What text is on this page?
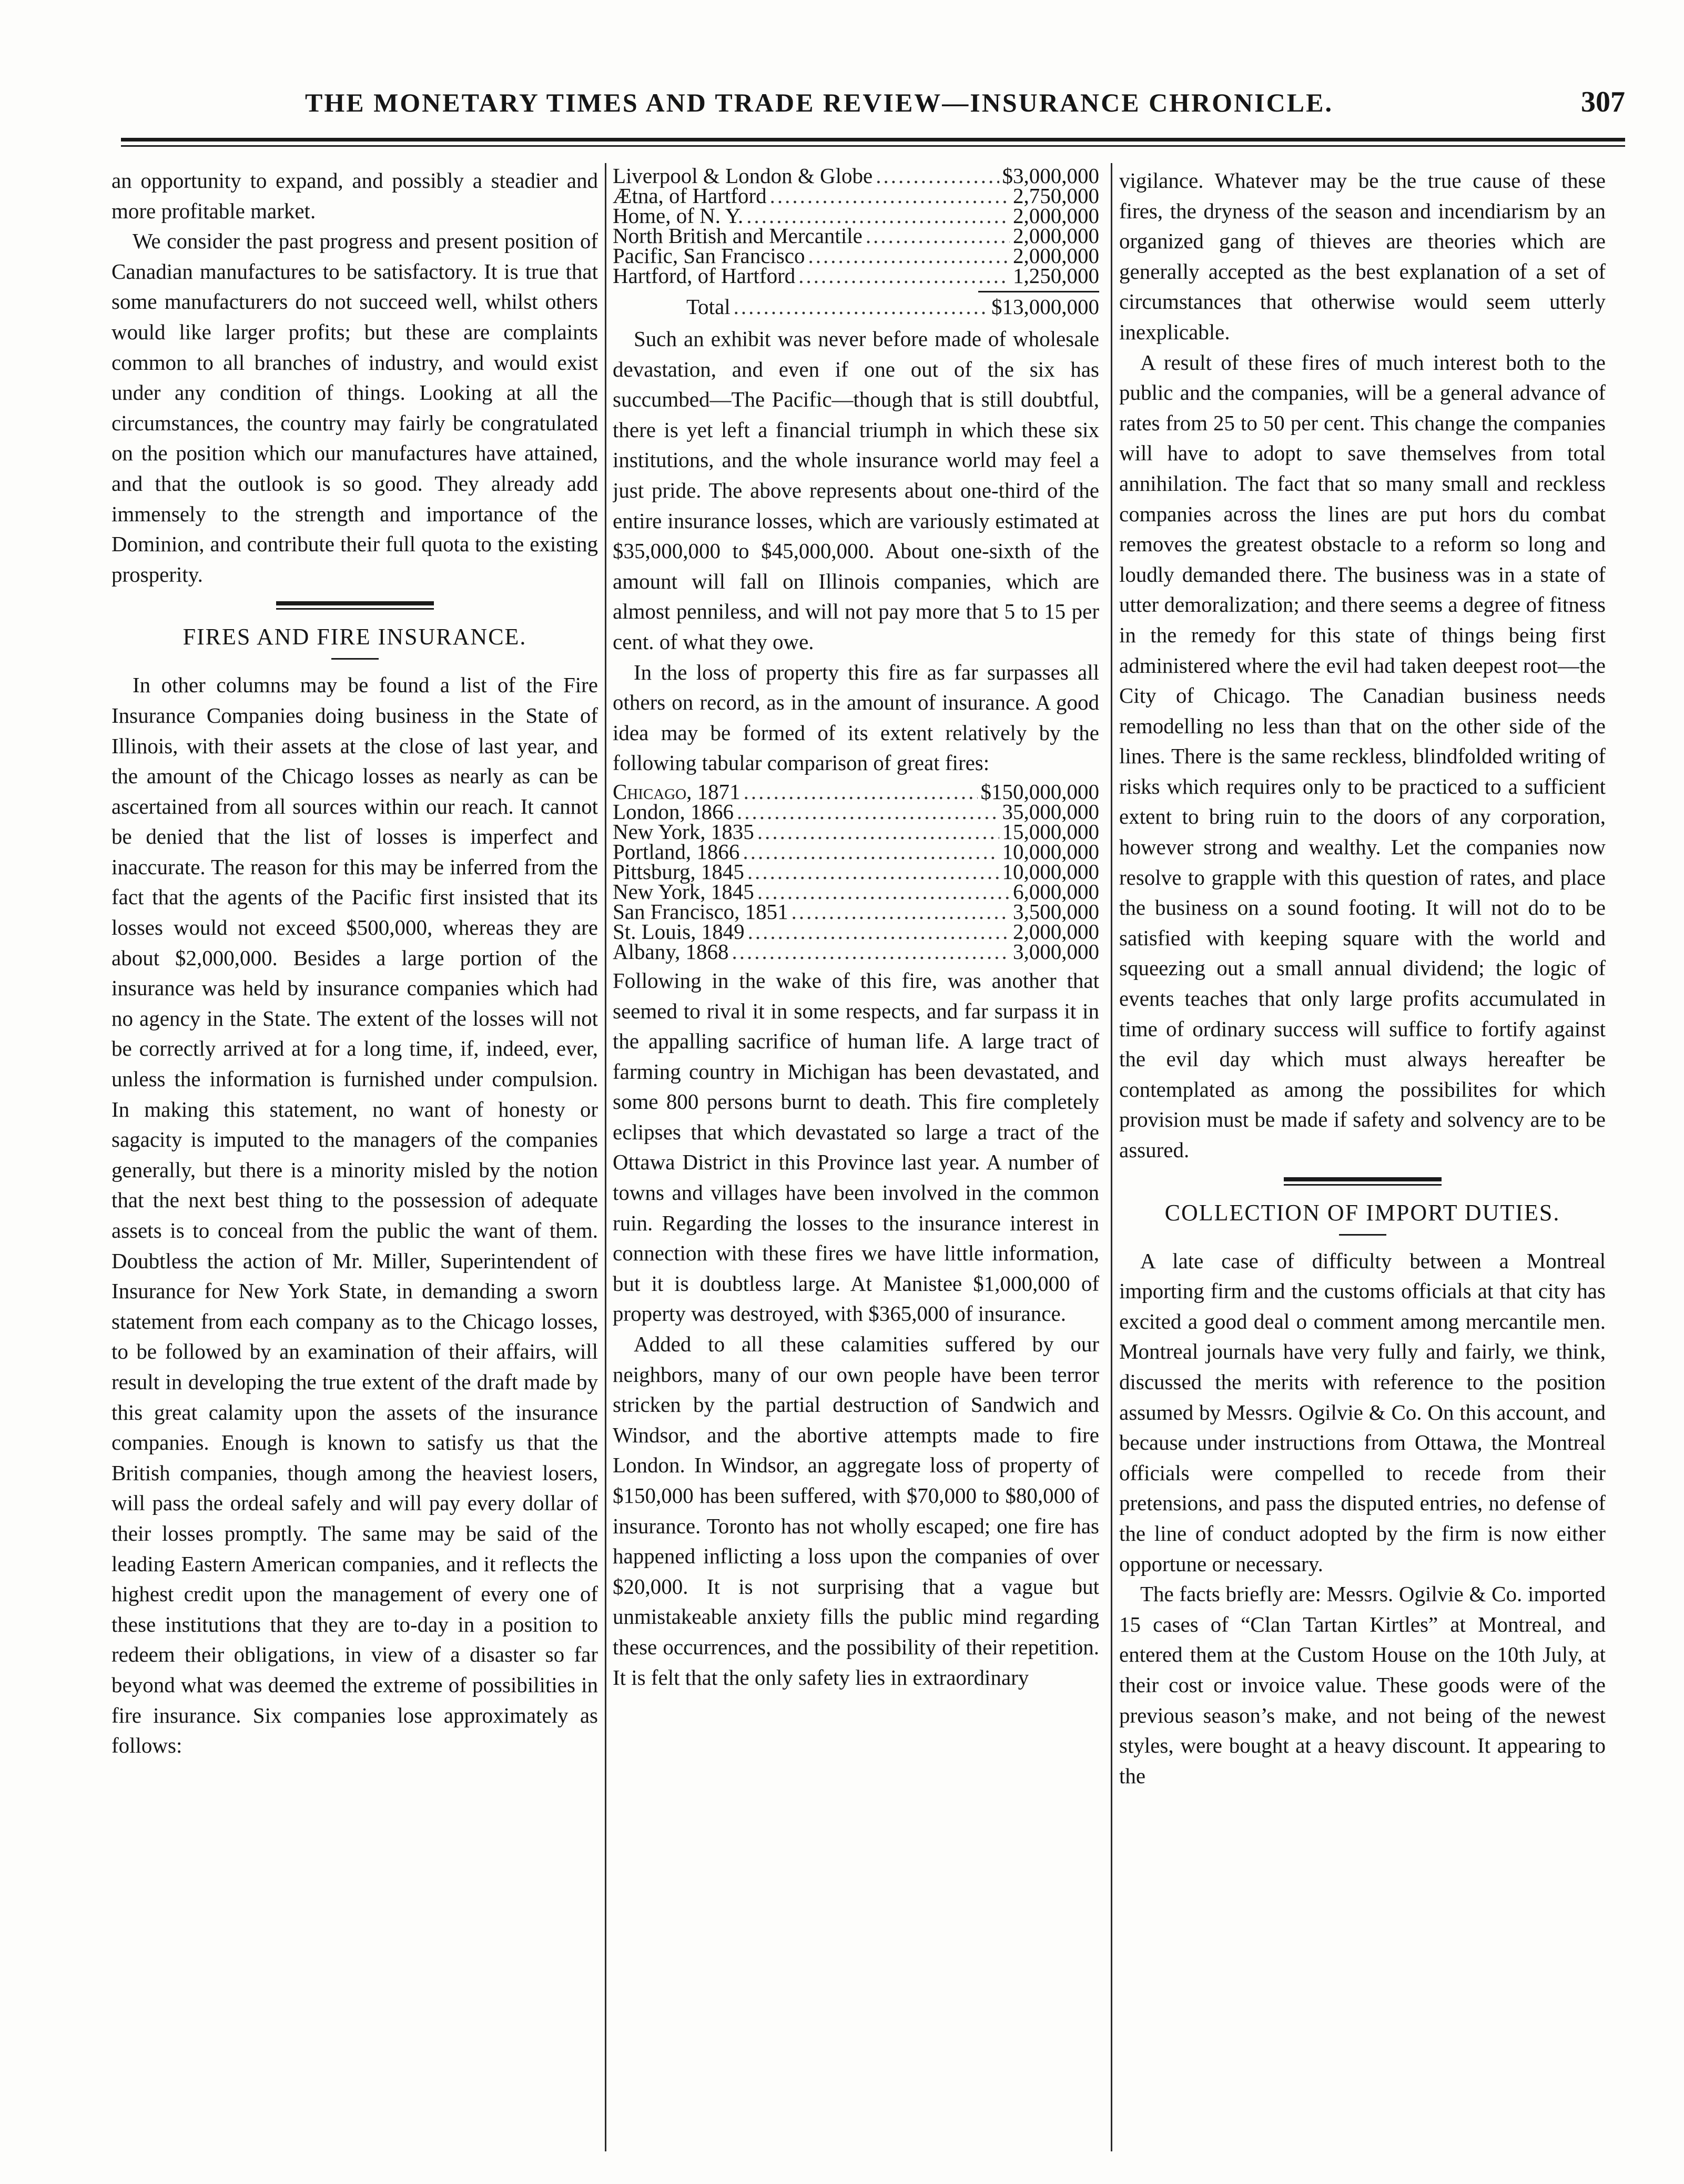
THE MONETARY TIMES AND TRADE REVIEW—INSURANCE CHRONICLE.	307

an opportunity to expand, and possibly a steadier and more profitable market.

We consider the past progress and present position of Canadian manufactures to be satisfactory. It is true that some manufacturers do not succeed well, whilst others would like larger profits; but these are complaints common to all branches of industry, and would exist under any condition of things. Looking at all the circumstances, the country may fairly be congratulated on the position which our manufactures have attained, and that the outlook is so good. They already add immensely to the strength and importance of the Dominion, and contribute their full quota to the existing prosperity.

FIRES AND FIRE INSURANCE.

In other columns may be found a list of the Fire Insurance Companies doing business in the State of Illinois, with their assets at the close of last year, and the amount of the Chicago losses as nearly as can be ascertained from all sources within our reach. It cannot be denied that the list of losses is imperfect and inaccurate. The reason for this may be inferred from the fact that the agents of the Pacific first insisted that its losses would not exceed $500,000, whereas they are about $2,000,000. Besides a large portion of the insurance was held by insurance companies which had no agency in the State. The extent of the losses will not be correctly arrived at for a long time, if, indeed, ever, unless the information is furnished under compulsion. In making this statement, no want of honesty or sagacity is imputed to the managers of the companies generally, but there is a minority misled by the notion that the next best thing to the possession of adequate assets is to conceal from the public the want of them. Doubtless the action of Mr. Miller, Superintendent of Insurance for New York State, in demanding a sworn statement from each company as to the Chicago losses, to be followed by an examination of their affairs, will result in developing the true extent of the draft made by this great calamity upon the assets of the insurance companies. Enough is known to satisfy us that the British companies, though among the heaviest losers, will pass the ordeal safely and will pay every dollar of their losses promptly. The same may be said of the leading Eastern American companies, and it reflects the highest credit upon the management of every one of these institutions that they are to-day in a position to redeem their obligations, in view of a disaster so far beyond what was deemed the extreme of possibilities in fire insurance. Six companies lose approximately as follows:

Liverpool & London & Globe .....	$3,000,000
Ætna, of Hartford .....	2,750,000
Home, of N. Y. .....	2,000,000
North British and Mercantile .....	2,000,000
Pacific, San Francisco .....	2,000,000
Hartford, of Hartford .....	1,250,000
Total .....	$13,000,000

Such an exhibit was never before made of wholesale devastation, and even if one out of the six has succumbed—The Pacific—though that is still doubtful, there is yet left a financial triumph in which these six institutions, and the whole insurance world may feel a just pride. The above represents about one-third of the entire insurance losses, which are variously estimated at $35,000,000 to $45,000,000. About one-sixth of the amount will fall on Illinois companies, which are almost penniless, and will not pay more that 5 to 15 per cent. of what they owe.

In the loss of property this fire as far surpasses all others on record, as in the amount of insurance. A good idea may be formed of its extent relatively by the following tabular comparison of great fires:

Chicago, 1871 .....	$150,000,000
London, 1866 .....	35,000,000
New York, 1835 .....	15,000,000
Portland, 1866 .....	10,000,000
Pittsburg, 1845 .....	10,000,000
New York, 1845 .....	6,000,000
San Francisco, 1851 .....	3,500,000
St. Louis, 1849 .....	2,000,000
Albany, 1868 .....	3,000,000

Following in the wake of this fire, was another that seemed to rival it in some respects, and far surpass it in the appalling sacrifice of human life. A large tract of farming country in Michigan has been devastated, and some 800 persons burnt to death. This fire completely eclipses that which devastated so large a tract of the Ottawa District in this Province last year. A number of towns and villages have been involved in the common ruin. Regarding the losses to the insurance interest in connection with these fires we have little information, but it is doubtless large. At Manistee $1,000,000 of property was destroyed, with $365,000 of insurance.

Added to all these calamities suffered by our neighbors, many of our own people have been terror stricken by the partial destruction of Sandwich and Windsor, and the abortive attempts made to fire London. In Windsor, an aggregate loss of property of $150,000 has been suffered, with $70,000 to $80,000 of insurance. Toronto has not wholly escaped; one fire has happened inflicting a loss upon the companies of over $20,000. It is not surprising that a vague but unmistakeable anxiety fills the public mind regarding these occurrences, and the possibility of their repetition. It is felt that the only safety lies in extraordinary

vigilance. Whatever may be the true cause of these fires, the dryness of the season and incendiarism by an organized gang of thieves are theories which are generally accepted as the best explanation of a set of circumstances that otherwise would seem utterly inexplicable.

A result of these fires of much interest both to the public and the companies, will be a general advance of rates from 25 to 50 per cent. This change the companies will have to adopt to save themselves from total annihilation. The fact that so many small and reckless companies across the lines are put hors du combat removes the greatest obstacle to a reform so long and loudly demanded there. The business was in a state of utter demoralization; and there seems a degree of fitness in the remedy for this state of things being first administered where the evil had taken deepest root—the City of Chicago. The Canadian business needs remodelling no less than that on the other side of the lines. There is the same reckless, blindfolded writing of risks which requires only to be practiced to a sufficient extent to bring ruin to the doors of any corporation, however strong and wealthy. Let the companies now resolve to grapple with this question of rates, and place the business on a sound footing. It will not do to be satisfied with keeping square with the world and squeezing out a small annual dividend; the logic of events teaches that only large profits accumulated in time of ordinary success will suffice to fortify against the evil day which must always hereafter be contemplated as among the possibilites for which provision must be made if safety and solvency are to be assured.

COLLECTION OF IMPORT DUTIES.

A late case of difficulty between a Montreal importing firm and the customs officials at that city has excited a good deal o comment among mercantile men. Montreal journals have very fully and fairly, we think, discussed the merits with reference to the position assumed by Messrs. Ogilvie & Co. On this account, and because under instructions from Ottawa, the Montreal officials were compelled to recede from their pretensions, and pass the disputed entries, no defense of the line of conduct adopted by the firm is now either opportune or necessary.

The facts briefly are: Messrs. Ogilvie & Co. imported 15 cases of “Clan Tartan Kirtles” at Montreal, and entered them at the Custom House on the 10th July, at their cost or invoice value. These goods were of the previous season’s make, and not being of the newest styles, were bought at a heavy discount. It appearing to the
